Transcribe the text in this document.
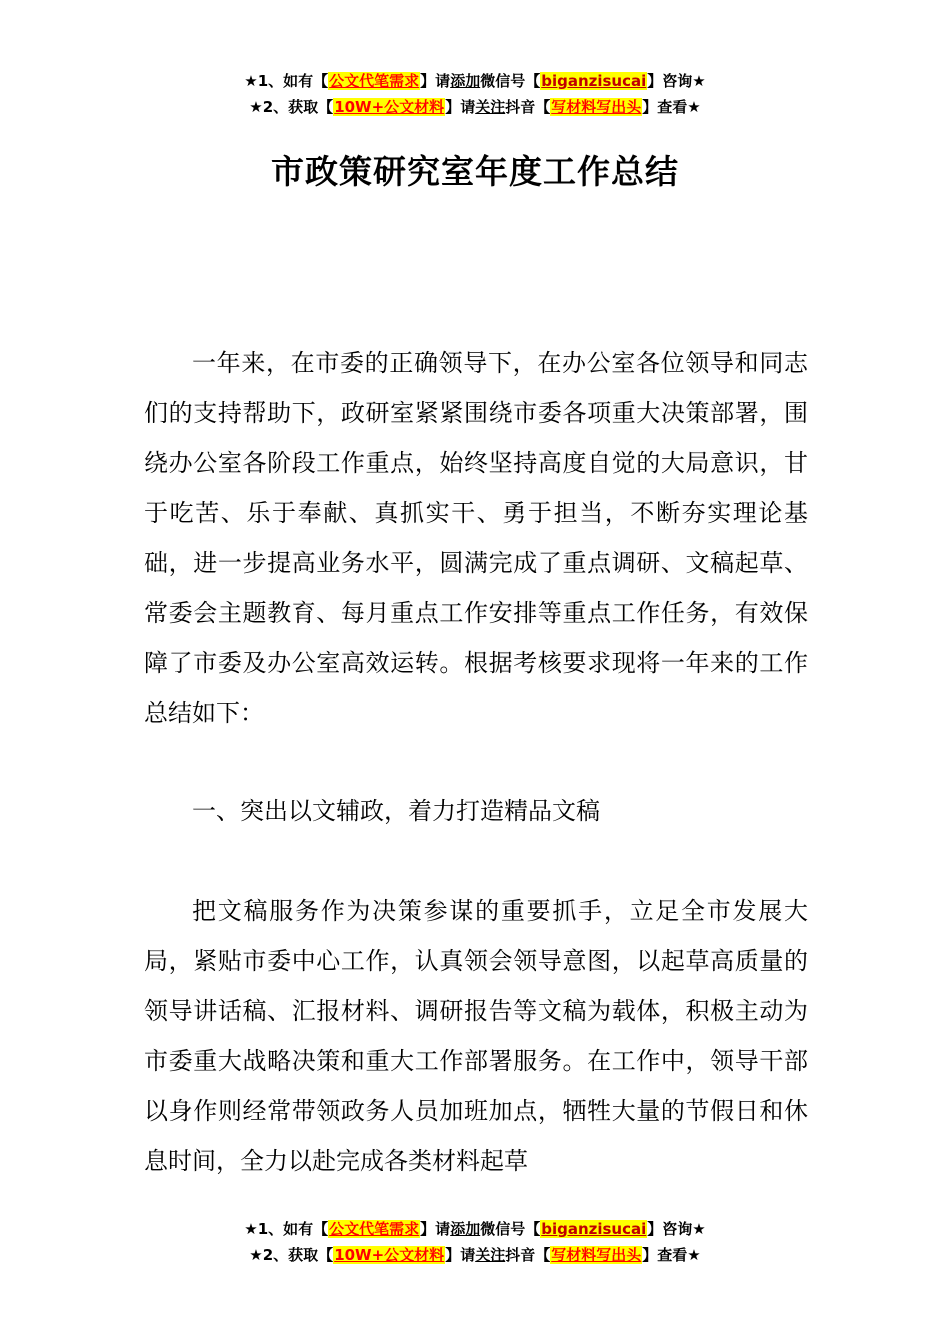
★1、如有【公文代笔需求】请添加微信号【biganzisucai】咨询★
★2、获取【10W+公文材料】请关注抖音【写材料写出头】查看★
市政策研究室年度工作总结

一年来，在市委的正确领导下，在办公室各位领导和同志们的支持帮助下，政研室紧紧围绕市委各项重大决策部署，围绕办公室各阶段工作重点，始终坚持高度自觉的大局意识，甘于吃苦、乐于奉献、真抓实干、勇于担当，不断夯实理论基础，进一步提高业务水平，圆满完成了重点调研、文稿起草、常委会主题教育、每月重点工作安排等重点工作任务，有效保障了市委及办公室高效运转。根据考核要求现将一年来的工作总结如下：

一、突出以文辅政，着力打造精品文稿

把文稿服务作为决策参谋的重要抓手，立足全市发展大局，紧贴市委中心工作，认真领会领导意图，以起草高质量的领导讲话稿、汇报材料、调研报告等文稿为载体，积极主动为市委重大战略决策和重大工作部署服务。在工作中，领导干部以身作则经常带领政务人员加班加点，牺牲大量的节假日和休息时间，全力以赴完成各类材料起草

★1、如有【公文代笔需求】请添加微信号【biganzisucai】咨询★
★2、获取【10W+公文材料】请关注抖音【写材料写出头】查看★
